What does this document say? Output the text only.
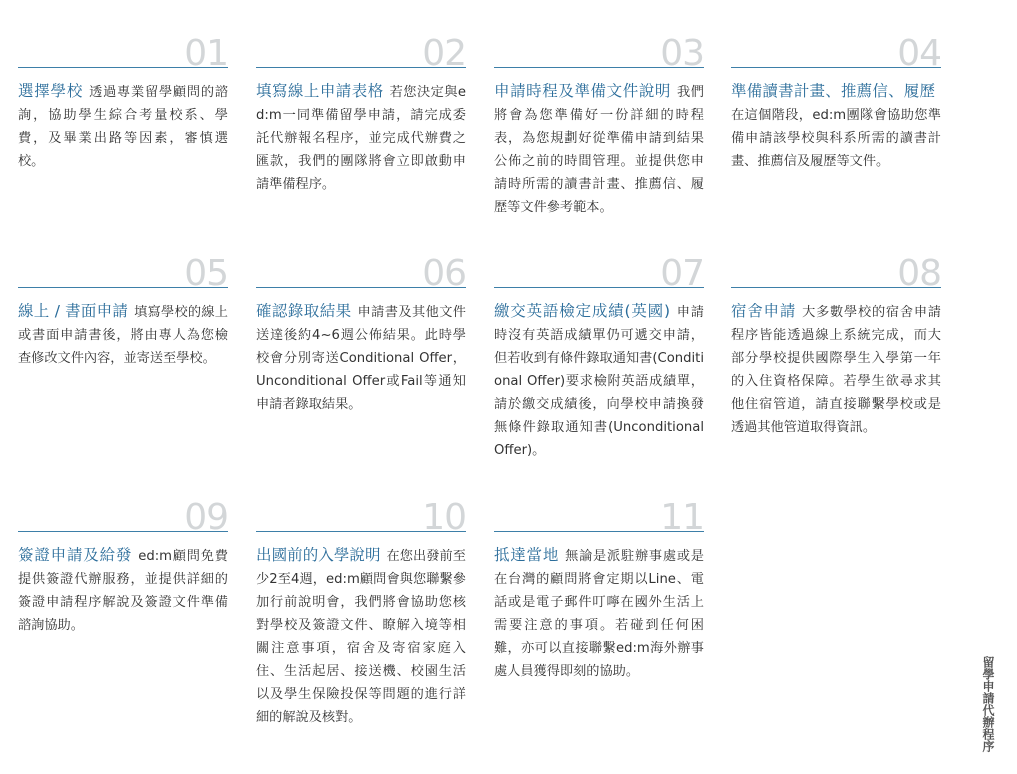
01
選擇學校 透過專業留學顧問的諮詢，協助學生綜合考量校系、學費，及畢業出路等因素，審慎選校。
02
填寫線上申請表格 若您決定與ed:m一同準備留學申請，請完成委託代辦報名程序，並完成代辦費之匯款，我們的團隊將會立即啟動申請準備程序。
03
申請時程及準備文件說明 我們將會為您準備好一份詳細的時程表，為您規劃好從準備申請到結果公佈之前的時間管理。並提供您申請時所需的讀書計畫、推薦信、履歷等文件參考範本。
04
準備讀書計畫、推薦信、履歷在這個階段，ed:m團隊會協助您準備申請該學校與科系所需的讀書計畫、推薦信及履歷等文件。
05
線上 / 書面申請 填寫學校的線上或書面申請書後，將由專人為您檢查修改文件內容，並寄送至學校。
06
確認錄取結果 申請書及其他文件送達後約4~6週公佈結果。此時學校會分別寄送Conditional Offer，Unconditional Offer或Fail等通知申請者錄取結果。
07
繳交英語檢定成績(英國) 申請時沒有英語成績單仍可遞交申請，但若收到有條件錄取通知書(Conditional Offer)要求檢附英語成績單，請於繳交成績後，向學校申請換發無條件錄取通知書(Unconditional Offer)。
08
宿舍申請 大多數學校的宿舍申請程序皆能透過線上系統完成，而大部分學校提供國際學生入學第一年的入住資格保障。若學生欲尋求其他住宿管道，請直接聯繫學校或是透過其他管道取得資訊。
09
簽證申請及給發 ed:m顧問免費提供簽證代辦服務，並提供詳細的簽證申請程序解說及簽證文件準備諮詢協助。
10
出國前的入學說明 在您出發前至少2至4週，ed:m顧問會與您聯繫參加行前說明會，我們將會協助您核對學校及簽證文件、瞭解入境等相關注意事項，宿舍及寄宿家庭入住、生活起居、接送機、校園生活以及學生保險投保等問題的進行詳細的解說及核對。
11
抵達當地 無論是派駐辦事處或是在台灣的顧問將會定期以Line、電話或是電子郵件叮嚀在國外生活上需要注意的事項。若碰到任何困難，亦可以直接聯繫ed:m海外辦事處人員獲得即刻的協助。	留學申請代辦程序
